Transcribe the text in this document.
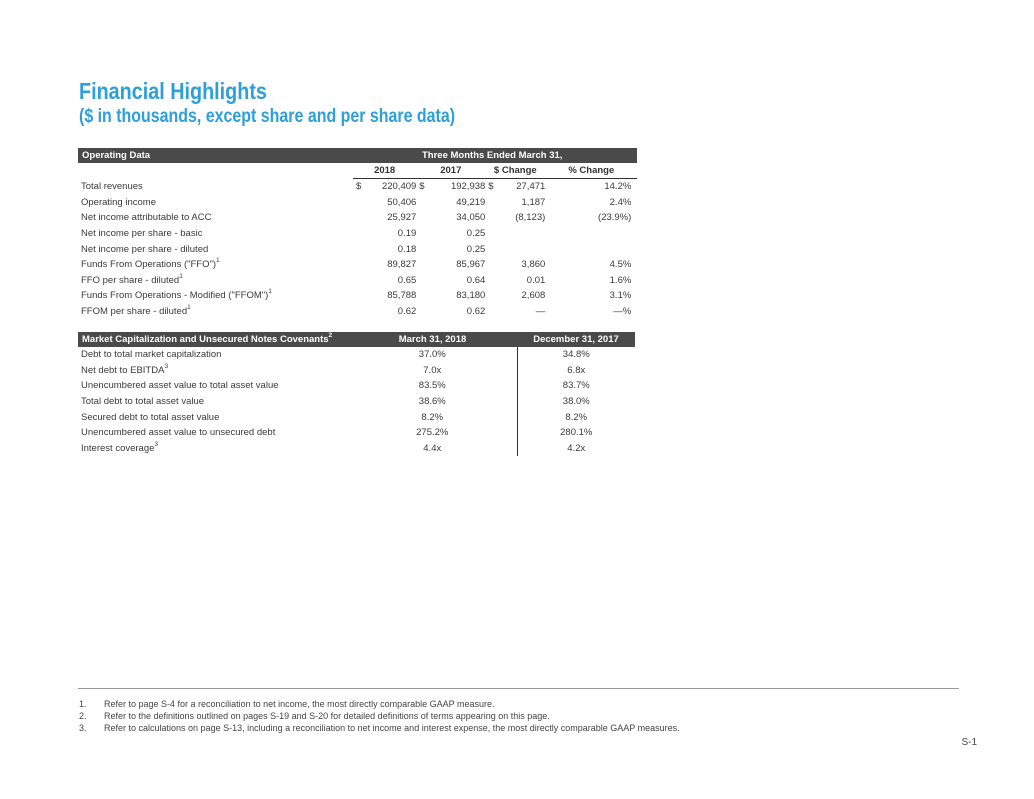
Financial Highlights
($ in thousands, except share and per share data)
Operating Data	Three Months Ended March 31,						
	2018		2017		$ Change		% Change
Total revenues	$	220,409	$	192,938	$	27,471	14.2%
Operating income		50,406		49,219		1,187	2.4%
Net income attributable to ACC		25,927		34,050		(8,123)	(23.9%)
Net income per share - basic		0.19		0.25			
Net income per share - diluted		0.18		0.25			
Funds From Operations ("FFO")$^1$		89,827		85,967		3,860	4.5%
FFO per share - diluted$^1$		0.65		0.64		0.01	1.6%
Funds From Operations - Modified ("FFOM")$^1$		85,788		83,180		2,608	3.1%
FFOM per share - diluted$^1$		0.62		0.62		—	—%
Market Capitalization and Unsecured Notes Covenants$^2$	March 31, 2018	December 31, 2017
Debt to total market capitalization	37.0%	34.8%
Net debt to EBITDA$^3$	7.0x	6.8x
Unencumbered asset value to total asset value	83.5%	83.7%
Total debt to total asset value	38.6%	38.0%
Secured debt to total asset value	8.2%	8.2%
Unencumbered asset value to unsecured debt	275.2%	280.1%
Interest coverage$^3$	4.4x	4.2x

1. Refer to page S-4 for a reconciliation to net income, the most directly comparable GAAP measure.

2. Refer to the definitions outlined on pages S-19 and S-20 for detailed definitions of terms appearing on this page.

3. Refer to calculations on page S-13, including a reconciliation to net income and interest expense, the most directly comparable GAAP measures.

S-1
